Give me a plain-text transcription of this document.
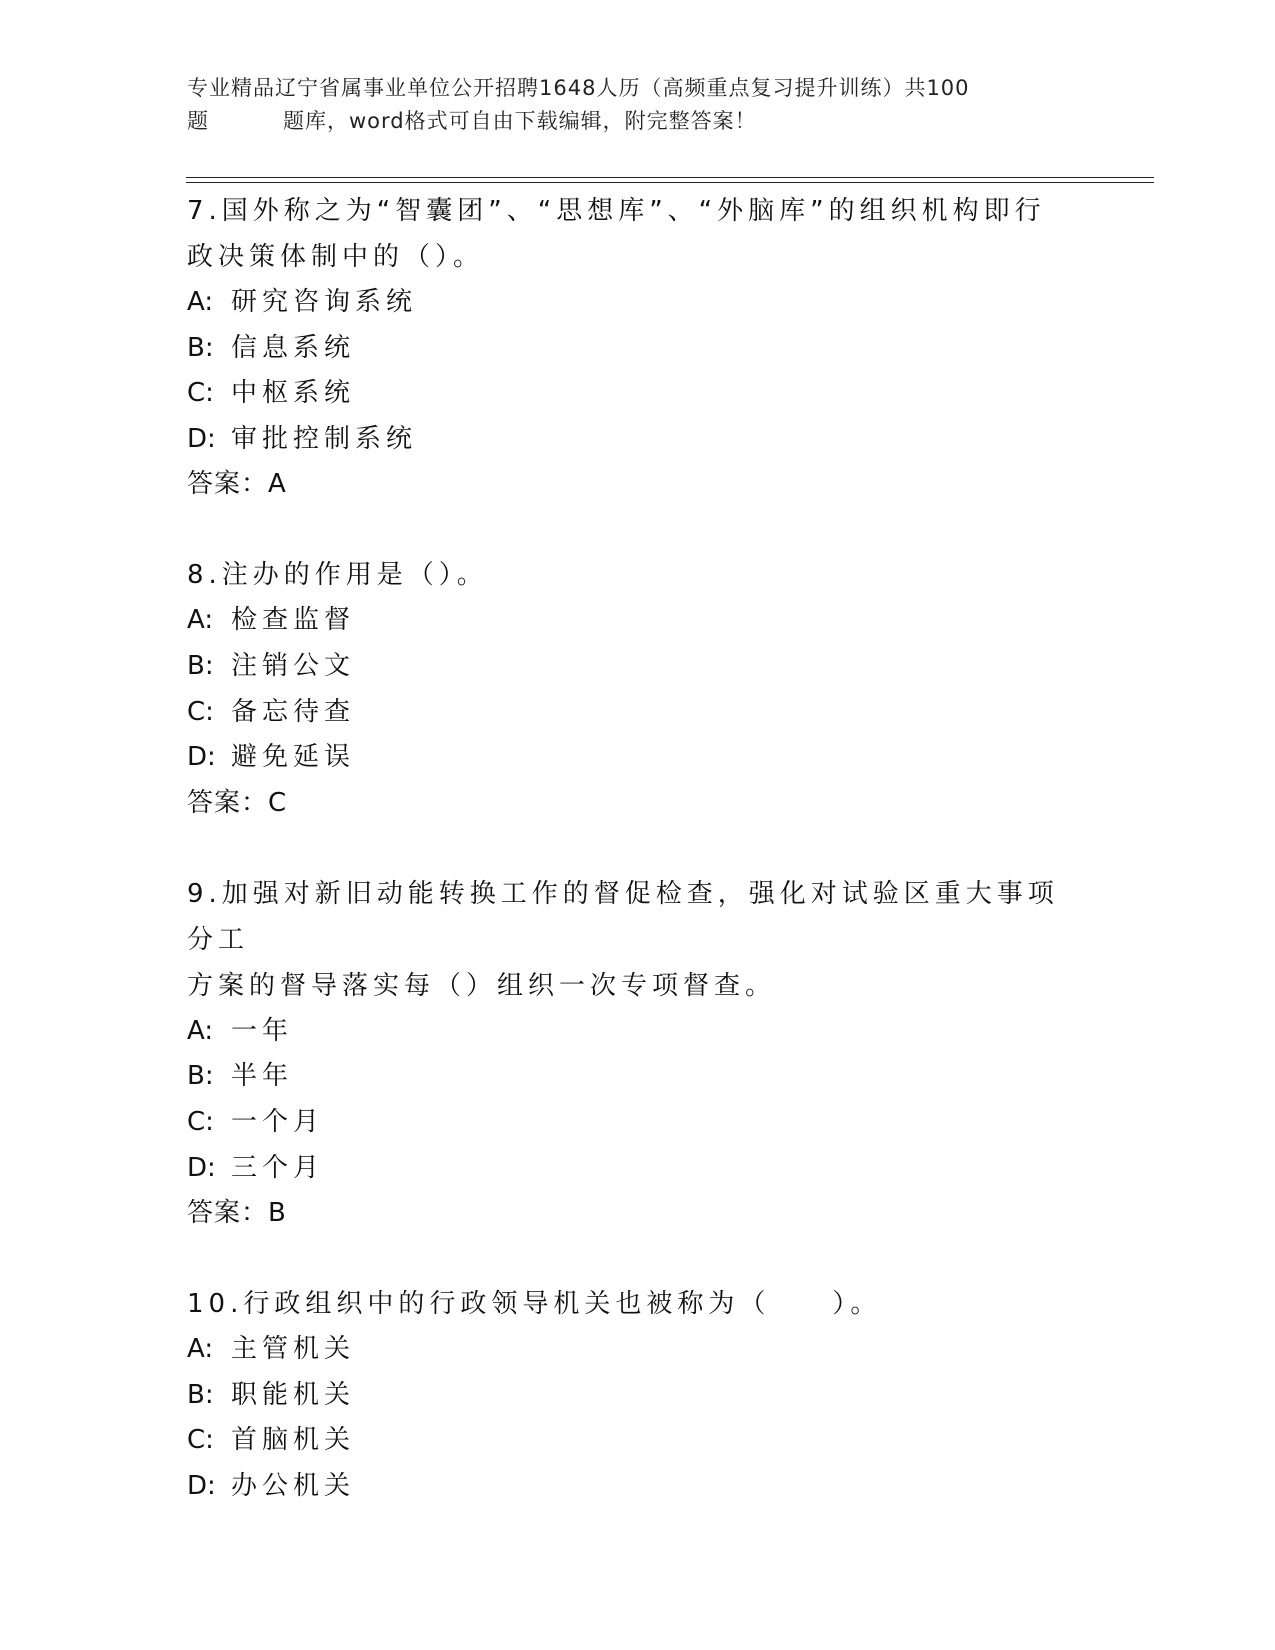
专业精品辽宁省属事业单位公开招聘1648人历（高频重点复习提升训练）共100
题	题库，word格式可自由下载编辑，附完整答案！
7.国外称之为“智囊团”、“思想库”、“外脑库”的组织机构即行
政决策体制中的（）。
A: 研究咨询系统
B: 信息系统
C: 中枢系统
D: 审批控制系统
答案：A
8.注办的作用是（）。
A: 检查监督
B: 注销公文
C: 备忘待查
D: 避免延误
答案：C
9.加强对新旧动能转换工作的督促检查，强化对试验区重大事项分工
方案的督导落实每（）组织一次专项督查。
A: 一年
B: 半年
C: 一个月
D: 三个月
答案：B
10.行政组织中的行政领导机关也被称为（　　）。
A: 主管机关
B: 职能机关
C: 首脑机关
D: 办公机关
